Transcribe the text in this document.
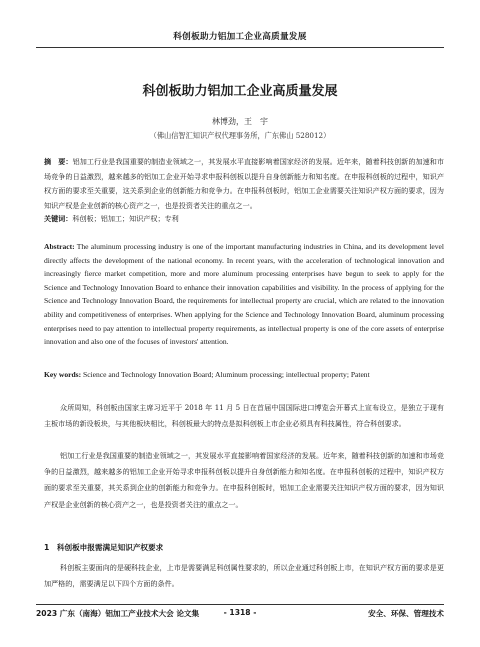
科创板助力铝加工企业高质量发展
科创板助力铝加工企业高质量发展
林博劲，王　宇
（佛山信智汇知识产权代理事务所，广东佛山 528012）
摘　要：铝加工行业是我国重要的制造业领域之一，其发展水平直接影响着国家经济的发展。近年来，随着科技创新的加速和市场竞争的日益激烈，越来越多的铝加工企业开始寻求申报科创板以提升自身创新能力和知名度。在申报科创板的过程中，知识产权方面的要求至关重要，这关系到企业的创新能力和竞争力。在申报科创板时，铝加工企业需要关注知识产权方面的要求，因为知识产权是企业创新的核心资产之一，也是投资者关注的重点之一。
关键词：科创板；铝加工；知识产权；专利
Abstract: The aluminum processing industry is one of the important manufacturing industries in China, and its development level directly affects the development of the national economy. In recent years, with the acceleration of technological innovation and increasingly fierce market competition, more and more aluminum processing enterprises have begun to seek to apply for the Science and Technology Innovation Board to enhance their innovation capabilities and visibility. In the process of applying for the Science and Technology Innovation Board, the requirements for intellectual property are crucial, which are related to the innovation ability and competitiveness of enterprises. When applying for the Science and Technology Innovation Board, aluminum processing enterprises need to pay attention to intellectual property requirements, as intellectual property is one of the core assets of enterprise innovation and also one of the focuses of investors' attention.
Key words: Science and Technology Innovation Board; Aluminum processing; intellectual property; Patent
众所周知，科创板由国家主席习近平于 2018 年 11 月 5 日在首届中国国际进口博览会开幕式上宣布设立，是独立于现有主板市场的新设板块，与其他板块相比，科创板最大的特点是拟科创板上市企业必须具有科技属性，符合科创要求。
铝加工行业是我国重要的制造业领域之一，其发展水平直接影响着国家经济的发展。近年来，随着科技创新的加速和市场竞争的日益激烈，越来越多的铝加工企业开始寻求申报科创板以提升自身创新能力和知名度。在申报科创板的过程中，知识产权方面的要求至关重要，其关系到企业的创新能力和竞争力。在申报科创板时，铝加工企业需要关注知识产权方面的要求，因为知识产权是企业创新的核心资产之一，也是投资者关注的重点之一。
1　科创板申报需满足知识产权要求
科创板主要面向的是硬科技企业，上市是需要满足科创属性要求的，所以企业通过科创板上市，在知识产权方面的要求是更加严格的，需要满足以下四个方面的条件。
2023 广东（南海）铝加工产业技术大会 论文集	- 1318 -	安全、环保、管理技术
